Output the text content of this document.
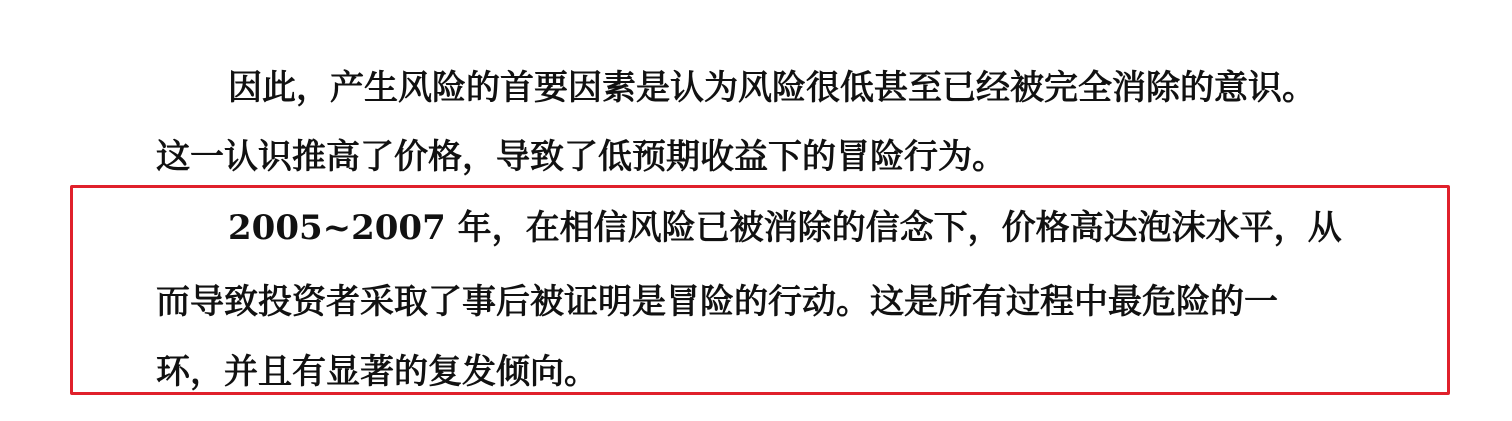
因此，产生风险的首要因素是认为风险很低甚至已经被完全消除的意识。
这一认识推高了价格，导致了低预期收益下的冒险行为。
2005~2007 年，在相信风险已被消除的信念下，价格高达泡沫水平，从
而导致投资者采取了事后被证明是冒险的行动。这是所有过程中最危险的一
环，并且有显著的复发倾向。
